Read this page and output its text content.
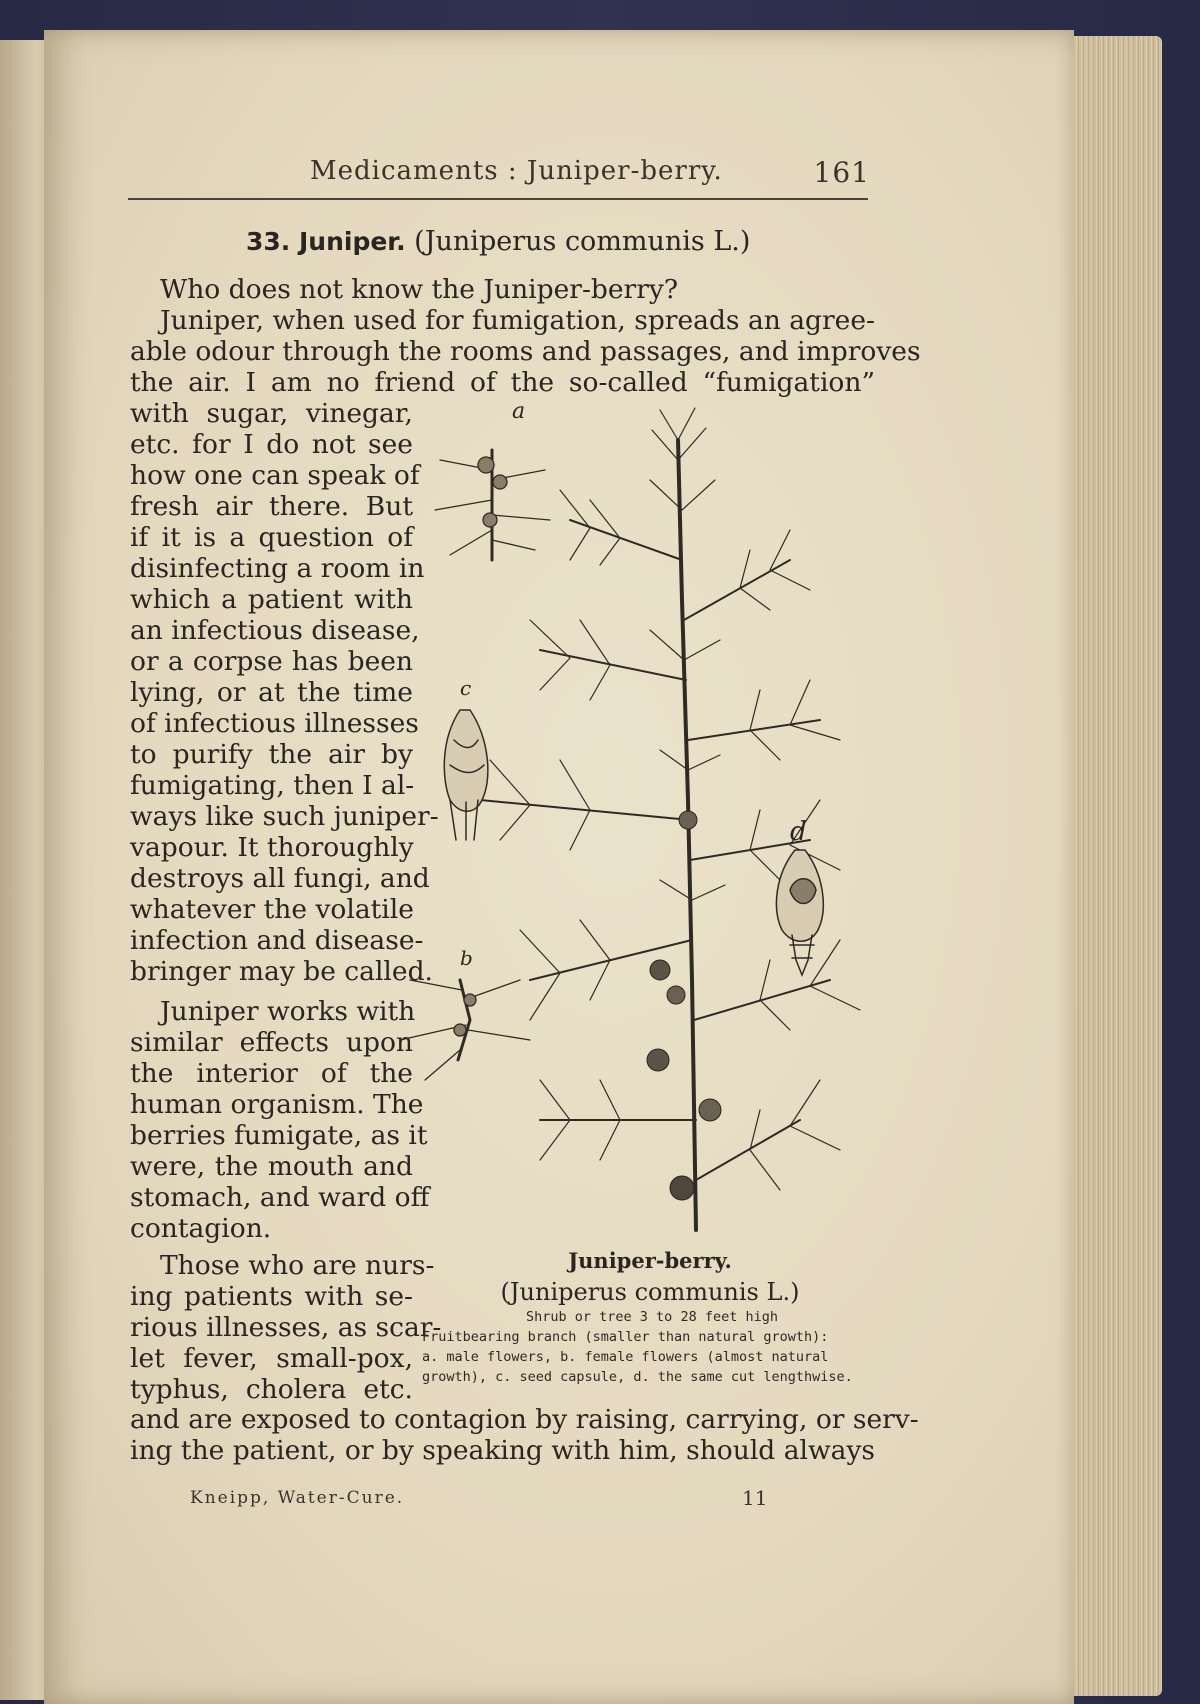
Medicaments : Juniper-berry.	161
33. Juniper. (Juniperus communis L.)
Who does not know the Juniper-berry?
Juniper, when used for fumigation, spreads an agree-
able odour through the rooms and passages, and improves
the air. I am no friend of the so-called “fumigation”
with sugar, vinegar,
etc. for I do not see
how one can speak of
fresh air there. But
if it is a question of
disinfecting a room in
which a patient with
an infectious disease,
or a corpse has been
lying, or at the time
of infectious illnesses
to purify the air by
fumigating, then I al-
ways like such juniper-
vapour. It thoroughly
destroys all fungi, and
whatever the volatile
infection and disease-
bringer may be called.
Juniper works with
similar effects upon
the interior of the
human organism. The
berries fumigate, as it
were, the mouth and
stomach, and ward off
contagion.
Those who are nurs-
ing patients with se-
rious illnesses, as scar-
let fever, small-pox,
typhus, cholera etc.
a
b
c
d
Juniper-berry.
(Juniperus communis L.)
Shrub or tree 3 to 28 feet high
Fruitbearing branch (smaller than natural growth):
a. male flowers, b. female flowers (almost natural
growth), c. seed capsule, d. the same cut lengthwise.
and are exposed to contagion by raising, carrying, or serv-
ing the patient, or by speaking with him, should always
Kneipp, Water-Cure.	11
